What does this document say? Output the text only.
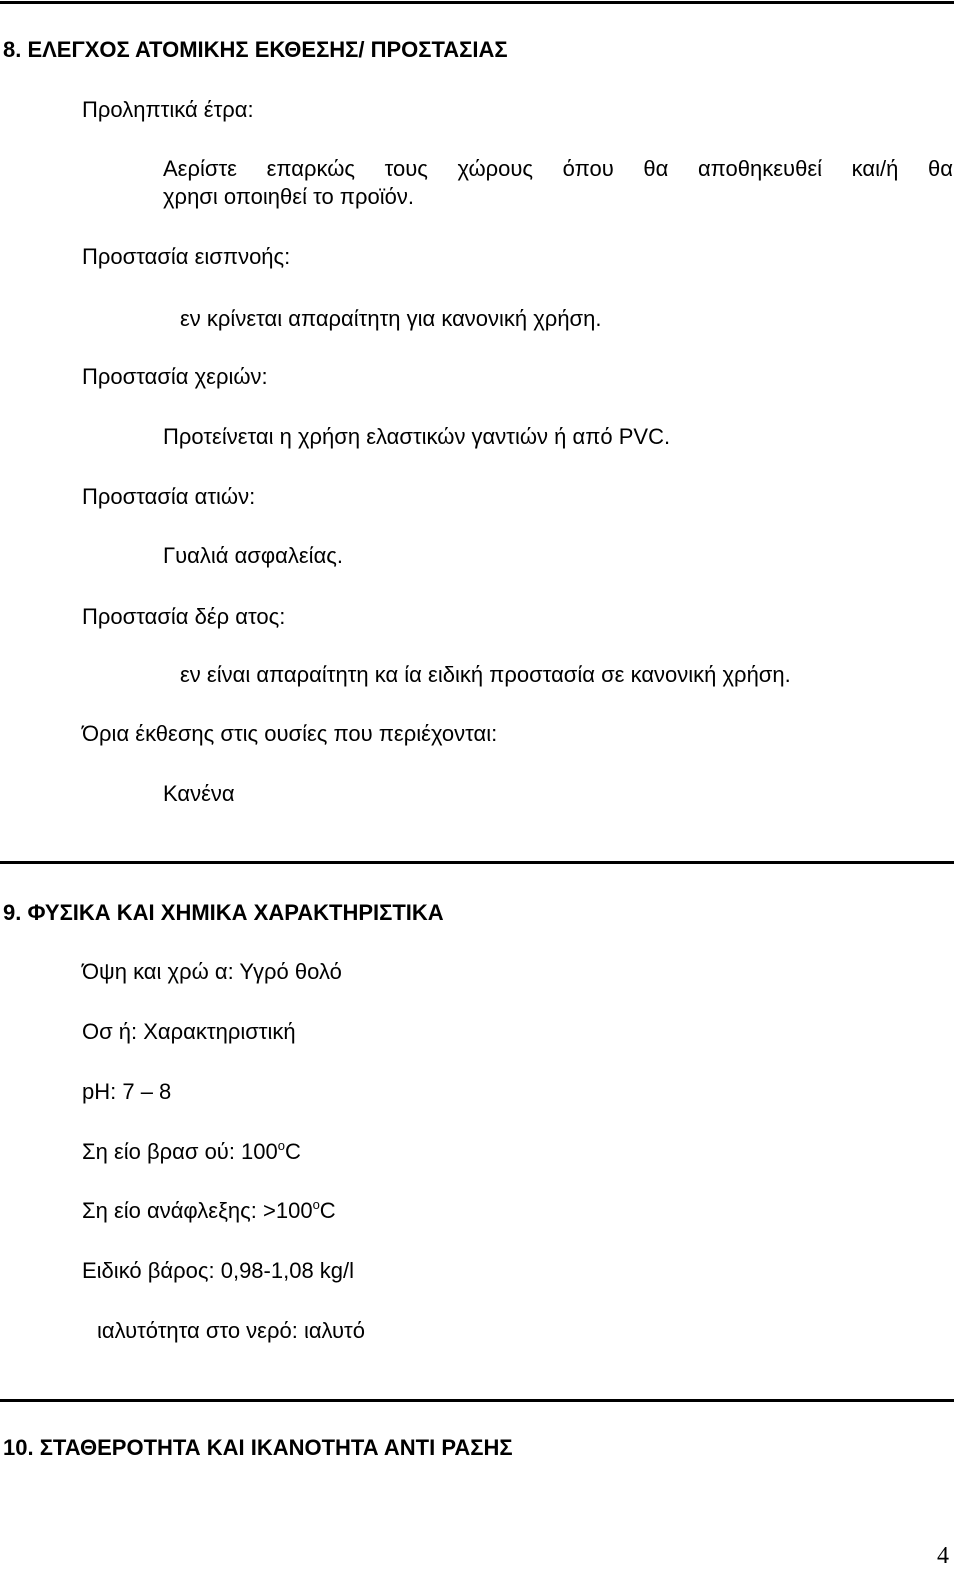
8. ΕΛΕΓΧΟΣ ΑΤΟΜΙΚΗΣ ΕΚΘΕΣΗΣ/ ΠΡΟΣΤΑΣΙΑΣ
Προληπτικά έτρα:
Αερίστε επαρκώς τους χώρους όπου θα αποθηκευθεί και/ή θα
χρησι οποιηθεί το προϊόν.
Προστασία εισπνοής:
εν κρίνεται απαραίτητη για κανονική χρήση.
Προστασία χεριών:
Προτείνεται η χρήση ελαστικών γαντιών ή από PVC.
Προστασία ατιών:
Γυαλιά ασφαλείας.
Προστασία δέρ ατος:
εν είναι απαραίτητη κα ία ειδική προστασία σε κανονική χρήση.
Όρια έκθεσης στις ουσίες που περιέχονται:
Κανένα
9. ΦΥΣΙΚΑ ΚΑΙ ΧΗΜΙΚΑ ΧΑΡΑΚΤΗΡΙΣΤΙΚΑ
Όψη και χρώ α: Υγρό θολό
Οσ ή: Χαρακτηριστική
pH: 7 – 8
Ση είο βρασ ού: $100^oC$
Ση είο ανάφλεξης: $>100^oC$
Ειδικό βάρος: 0,98-1,08 kg/l
ιαλυτότητα στο νερό: ιαλυτό
10. ΣΤΑΘΕΡΟΤΗΤΑ ΚΑΙ ΙΚΑΝΟΤΗΤΑ ΑΝΤΙ ΡΑΣΗΣ
4
